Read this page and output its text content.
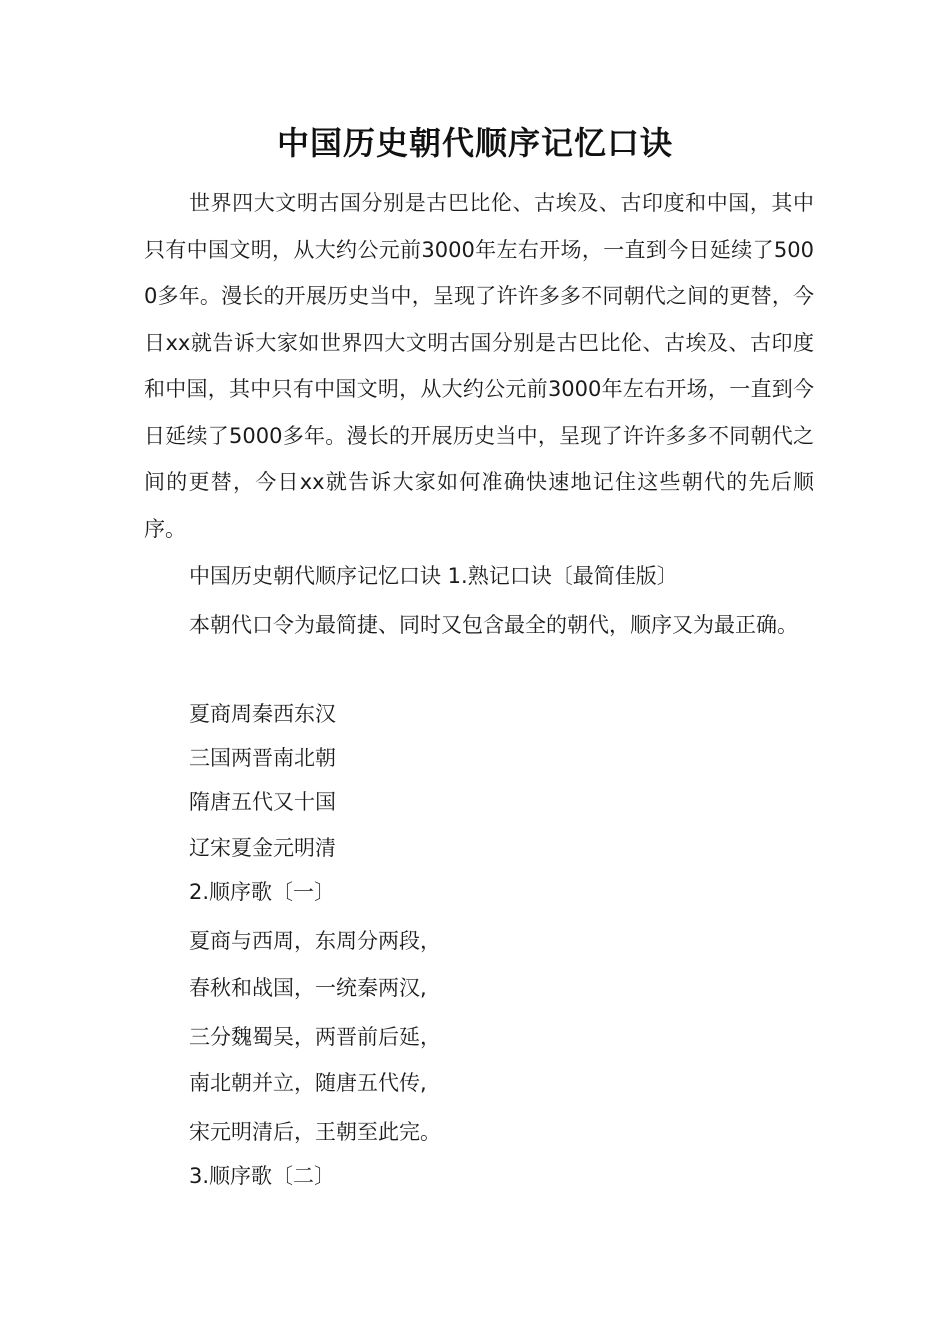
中国历史朝代顺序记忆口诀

世界四大文明古国分别是古巴比伦、古埃及、古印度和中国，其中只有中国文明，从大约公元前3000年左右开场，一直到今日延续了5000多年。漫长的开展历史当中，呈现了许许多多不同朝代之间的更替，今日xx就告诉大家如世界四大文明古国分别是古巴比伦、古埃及、古印度和中国，其中只有中国文明，从大约公元前3000年左右开场，一直到今日延续了5000多年。漫长的开展历史当中，呈现了许许多多不同朝代之间的更替，今日xx就告诉大家如何准确快速地记住这些朝代的先后顺序。

中国历史朝代顺序记忆口诀 1.熟记口诀〔最简佳版〕

本朝代口令为最简捷、同时又包含最全的朝代，顺序又为最正确。

夏商周秦西东汉

三国两晋南北朝

隋唐五代又十国

辽宋夏金元明清

2.顺序歌〔一〕

夏商与西周，东周分两段，

春秋和战国，一统秦两汉,

三分魏蜀吴，两晋前后延，

南北朝并立，随唐五代传,

宋元明清后，王朝至此完。

3.顺序歌〔二〕
